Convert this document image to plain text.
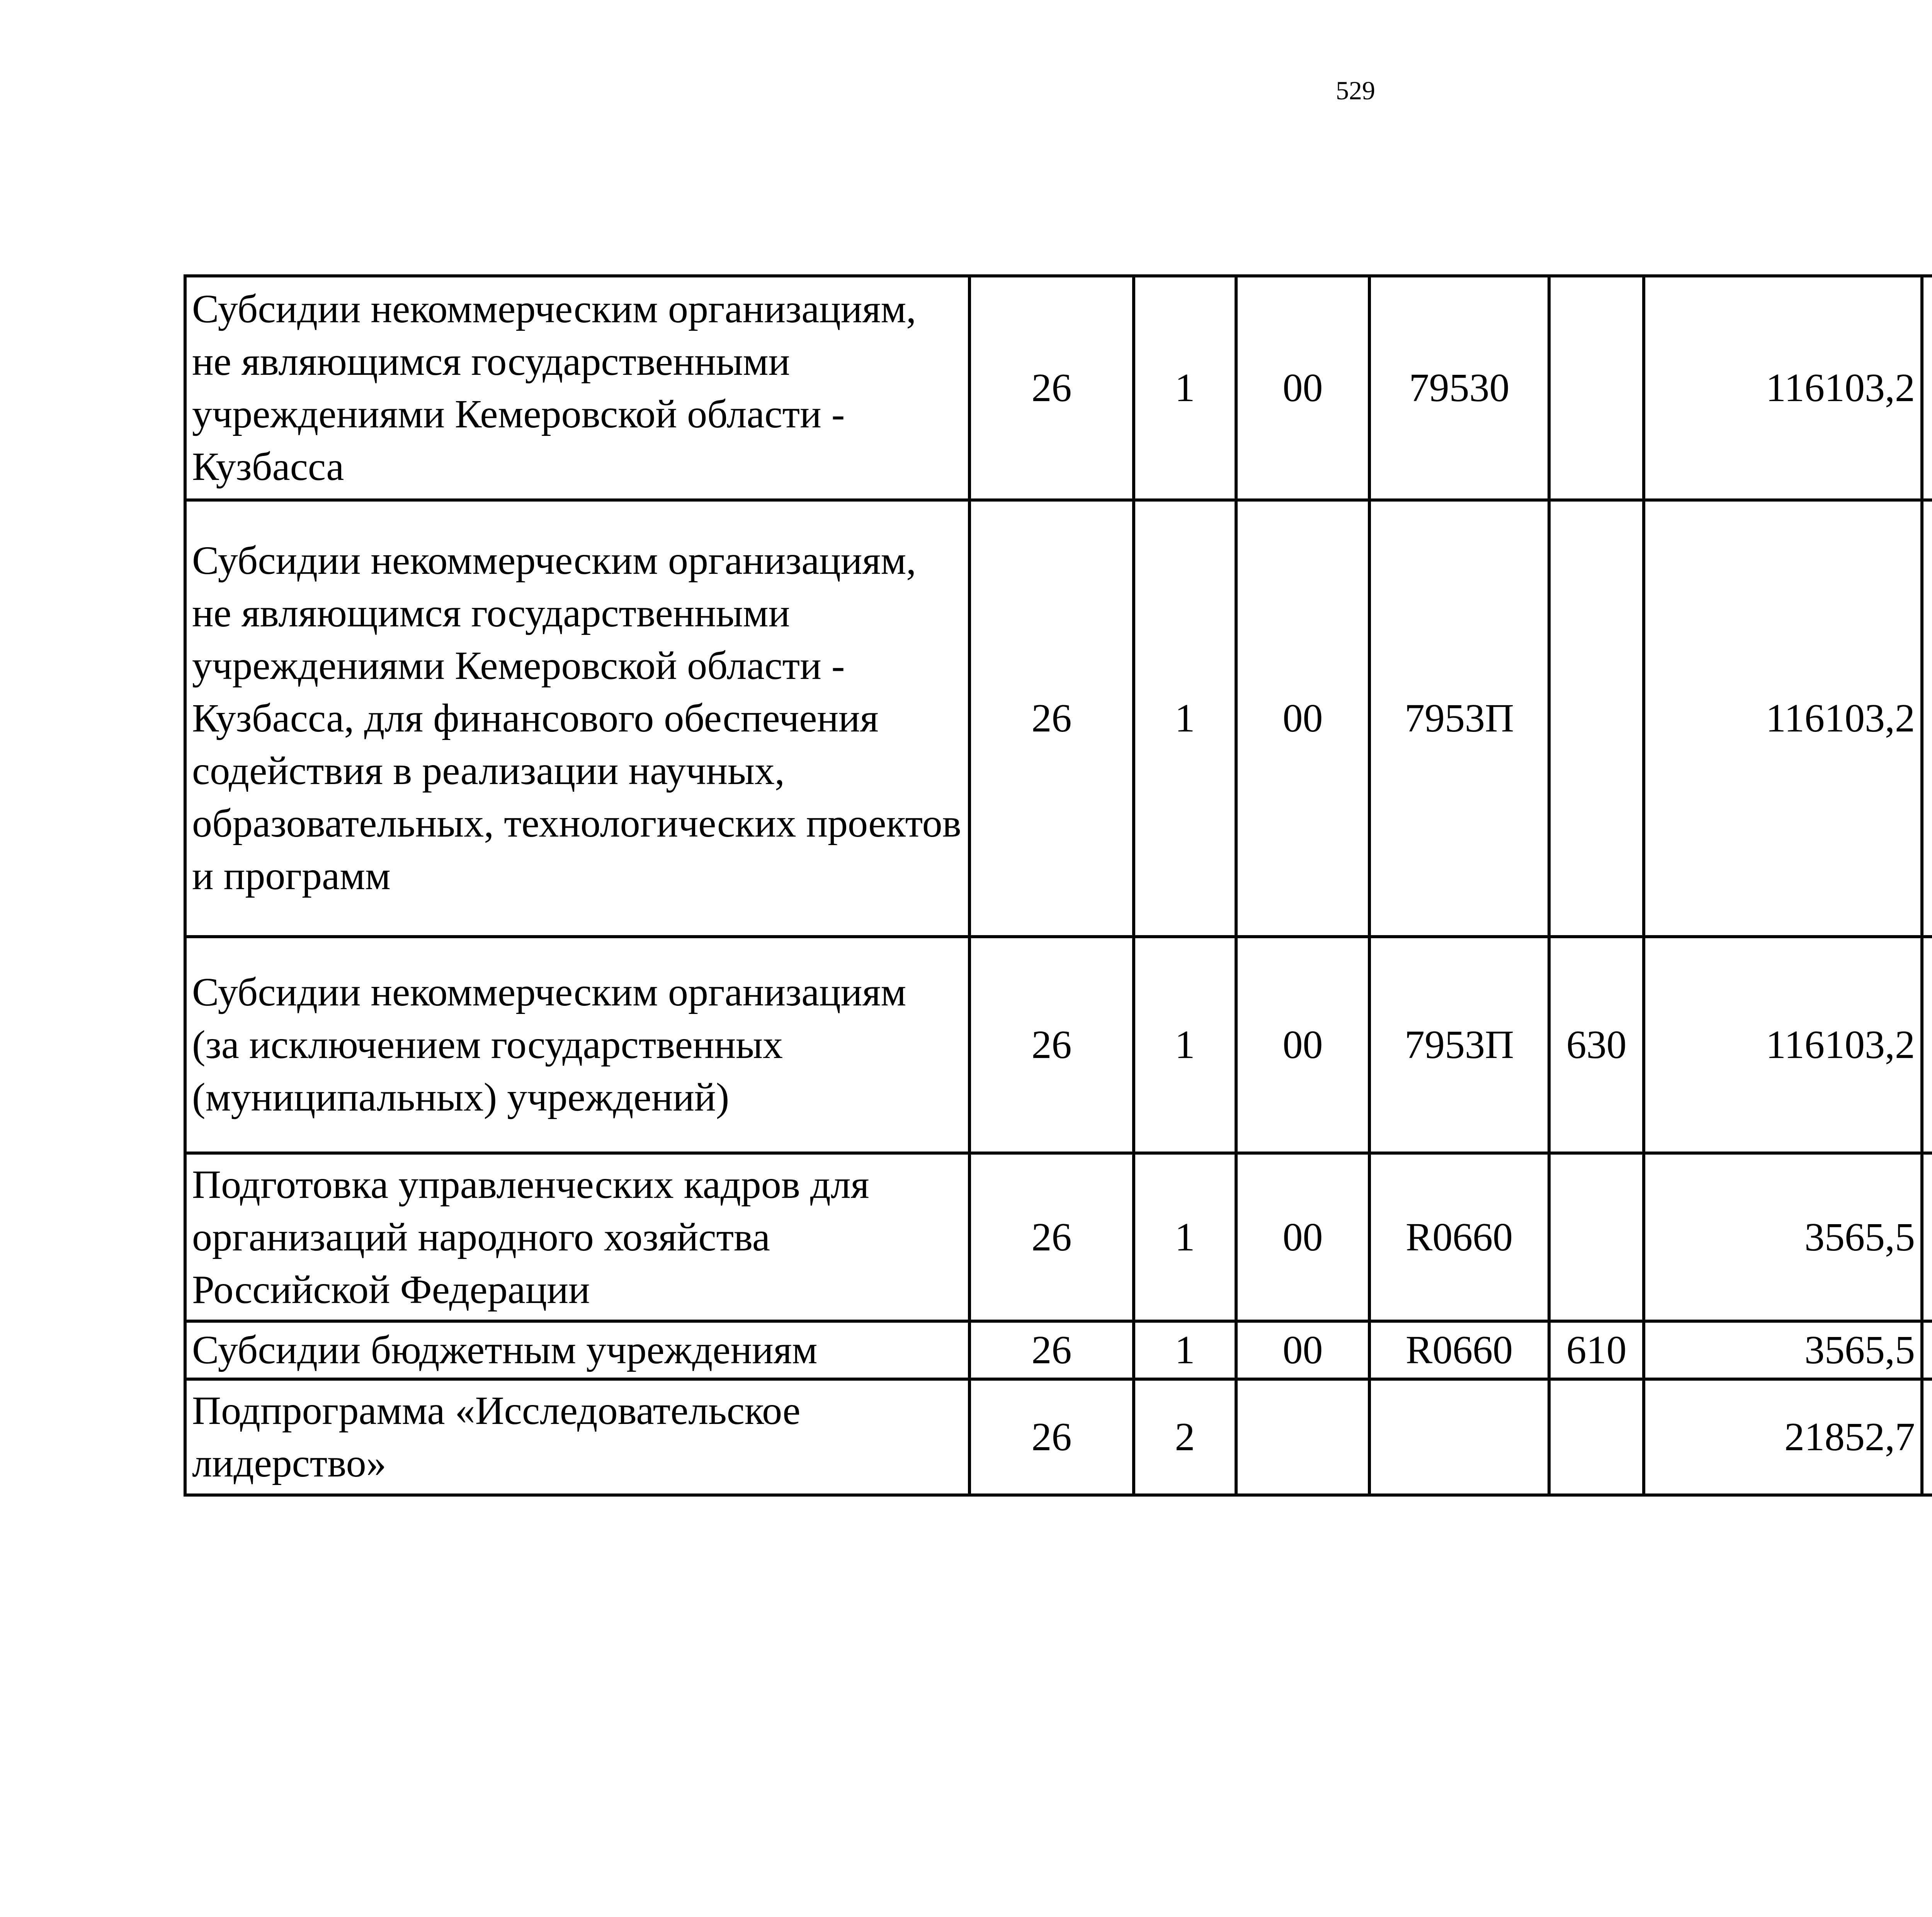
529
Субсидии некоммерческим организациям, не являющимся государственными учреждениями Кемеровской области - Кузбасса	26	1	00	79530		116103,2		
Субсидии некоммерческим организациям, не являющимся государственными учреждениями Кемеровской области - Кузбасса, для финансового обеспечения содействия в реализации научных, образовательных, технологических проектов и программ	26	1	00	7953П		116103,2		
Субсидии некоммерческим организациям (за исключением государственных (муниципальных) учреждений)	26	1	00	7953П	630	116103,2		
Подготовка управленческих кадров для организаций народного хозяйства Российской Федерации	26	1	00	R0660		3565,5		
Субсидии бюджетным учреждениям	26	1	00	R0660	610	3565,5		
Подпрограмма «Исследовательское лидерство»	26	2				21852,7		
